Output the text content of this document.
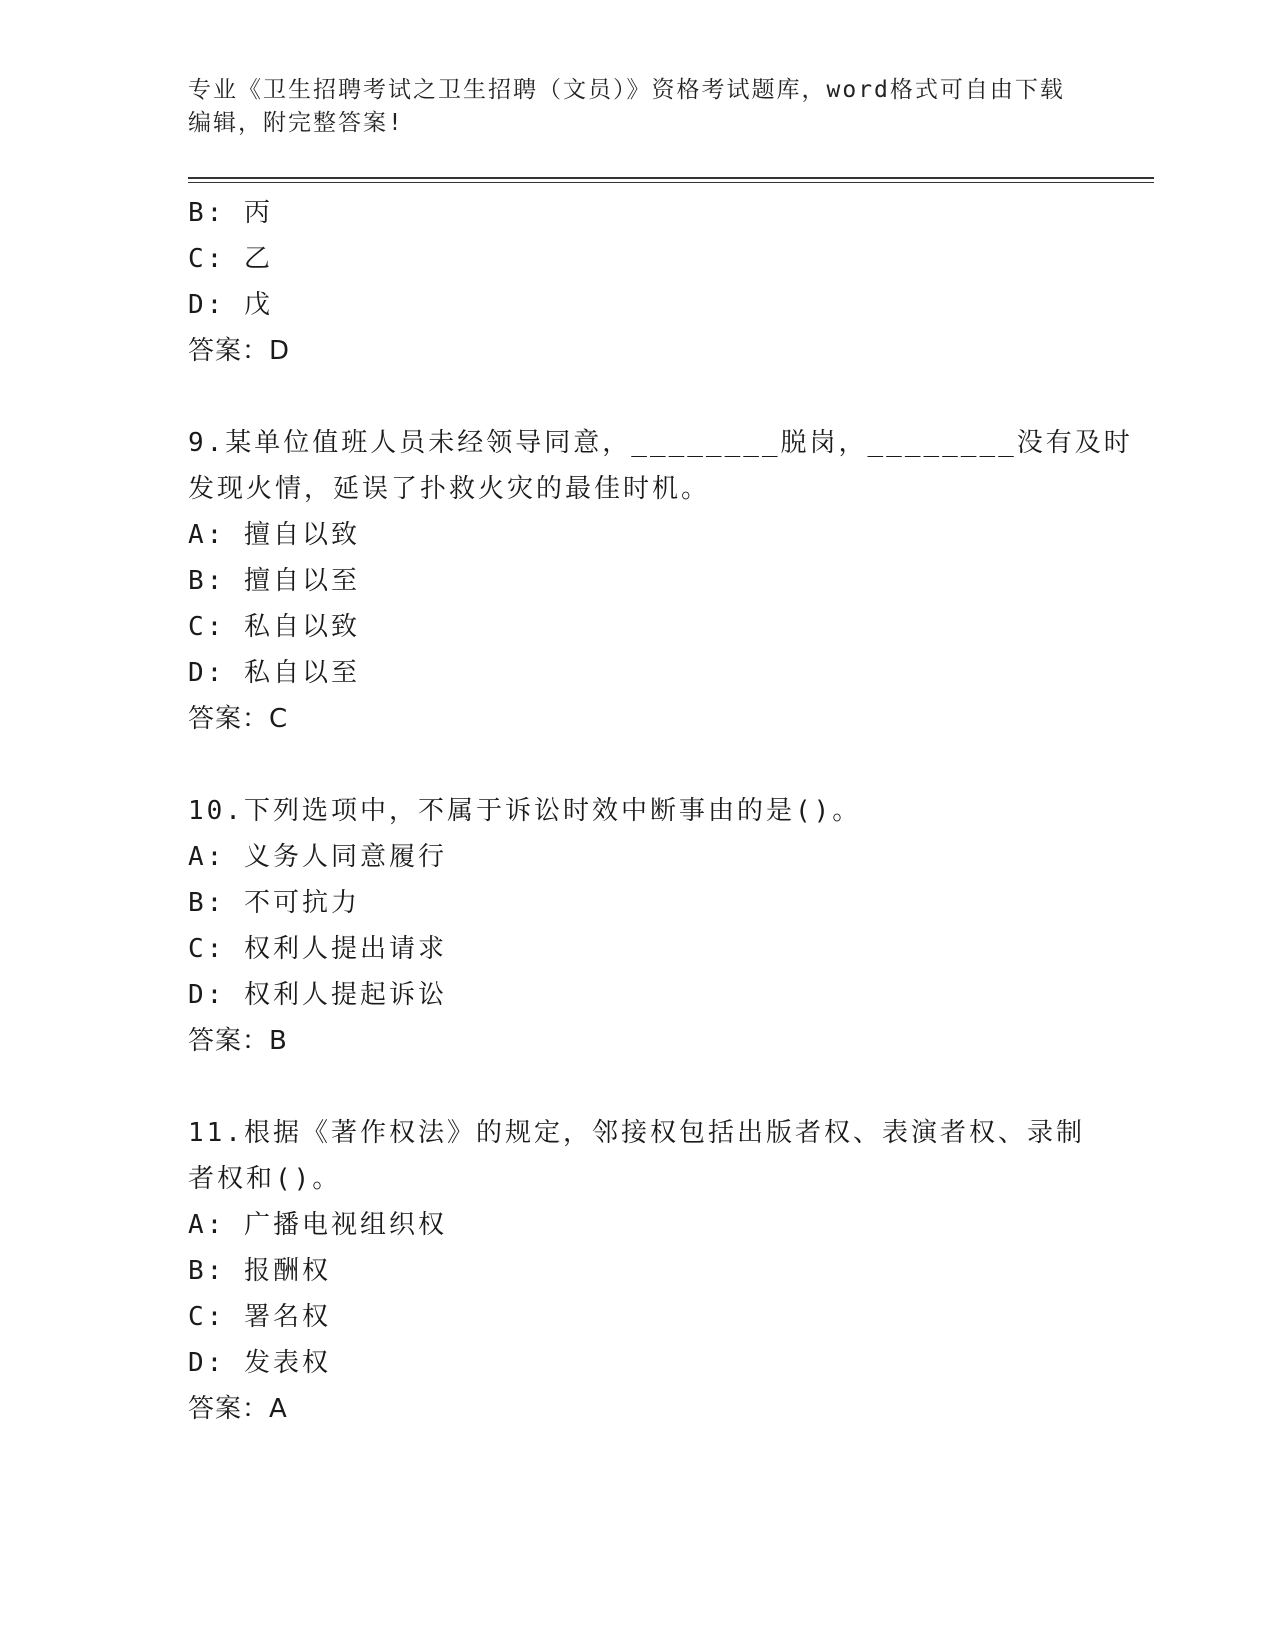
专业《卫生招聘考试之卫生招聘（文员）》资格考试题库，word格式可自由下载
编辑，附完整答案!
B: 丙
C: 乙
D: 戊
答案：D
9.某单位值班人员未经领导同意，________脱岗，________没有及时
发现火情，延误了扑救火灾的最佳时机。
A: 擅自以致
B: 擅自以至
C: 私自以致
D: 私自以至
答案：C
10.下列选项中，不属于诉讼时效中断事由的是()。
A: 义务人同意履行
B: 不可抗力
C: 权利人提出请求
D: 权利人提起诉讼
答案：B
11.根据《著作权法》的规定，邻接权包括出版者权、表演者权、录制
者权和()。
A: 广播电视组织权
B: 报酬权
C: 署名权
D: 发表权
答案：A
